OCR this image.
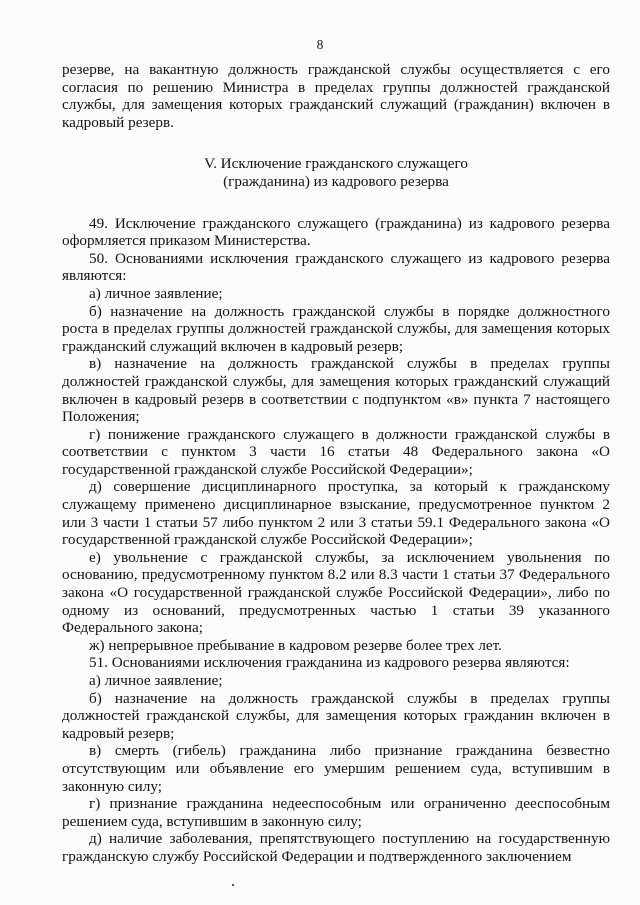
8

резерве, на вакантную должность гражданской службы осуществляется с его согласия по решению Министра в пределах группы должностей гражданской службы, для замещения которых гражданский служащий (гражданин) включен в кадровый резерв.

V. Исключение гражданского служащего
(гражданина) из кадрового резерва

49. Исключение гражданского служащего (гражданина) из кадрового резерва оформляется приказом Министерства.

50. Основаниями исключения гражданского служащего из кадрового резерва являются:

а) личное заявление;

б) назначение на должность гражданской службы в порядке должностного роста в пределах группы должностей гражданской службы, для замещения которых гражданский служащий включен в кадровый резерв;

в) назначение на должность гражданской службы в пределах группы должностей гражданской службы, для замещения которых гражданский служащий включен в кадровый резерв в соответствии с подпунктом «в» пункта 7 настоящего Положения;

г) понижение гражданского служащего в должности гражданской службы в соответствии с пунктом 3 части 16 статьи 48 Федерального закона «О государственной гражданской службе Российской Федерации»;

д) совершение дисциплинарного проступка, за который к гражданскому служащему применено дисциплинарное взыскание, предусмотренное пунктом 2 или 3 части 1 статьи 57 либо пунктом 2 или 3 статьи 59.1 Федерального закона «О государственной гражданской службе Российской Федерации»;

е) увольнение с гражданской службы, за исключением увольнения по основанию, предусмотренному пунктом 8.2 или 8.3 части 1 статьи 37 Федерального закона «О государственной гражданской службе Российской Федерации», либо по одному из оснований, предусмотренных частью 1 статьи 39 указанного Федерального закона;

ж) непрерывное пребывание в кадровом резерве более трех лет.

51. Основаниями исключения гражданина из кадрового резерва являются:

а) личное заявление;

б) назначение на должность гражданской службы в пределах группы должностей гражданской службы, для замещения которых гражданин включен в кадровый резерв;

в) смерть (гибель) гражданина либо признание гражданина безвестно отсутствующим или объявление его умершим решением суда, вступившим в законную силу;

г) признание гражданина недееспособным или ограниченно дееспособным решением суда, вступившим в законную силу;

д) наличие заболевания, препятствующего поступлению на государственную гражданскую службу Российской Федерации и подтвержденного заключением
